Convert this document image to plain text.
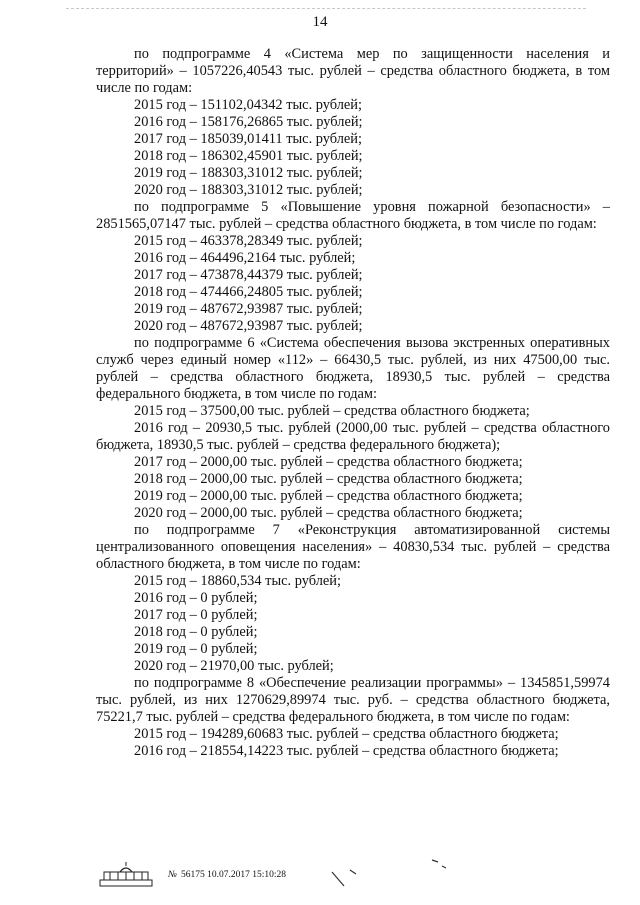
14

по подпрограмме 4 «Система мер по защищенности населения и территорий» – 1057226,40543 тыс. рублей – средства областного бюджета, в том числе по годам:

2015 год – 151102,04342 тыс. рублей;

2016 год – 158176,26865 тыс. рублей;

2017 год – 185039,01411 тыс. рублей;

2018 год – 186302,45901 тыс. рублей;

2019 год – 188303,31012 тыс. рублей;

2020 год – 188303,31012 тыс. рублей;

по подпрограмме 5 «Повышение уровня пожарной безопасности» – 2851565,07147 тыс. рублей – средства областного бюджета, в том числе по годам:

2015 год – 463378,28349 тыс. рублей;

2016 год – 464496,2164 тыс. рублей;

2017 год – 473878,44379 тыс. рублей;

2018 год – 474466,24805 тыс. рублей;

2019 год – 487672,93987 тыс. рублей;

2020 год – 487672,93987 тыс. рублей;

по подпрограмме 6 «Система обеспечения вызова экстренных оперативных служб через единый номер «112» – 66430,5 тыс. рублей, из них 47500,00 тыс. рублей – средства областного бюджета, 18930,5 тыс. рублей – средства федерального бюджета, в том числе по годам:

2015 год – 37500,00 тыс. рублей – средства областного бюджета;

2016 год – 20930,5 тыс. рублей (2000,00 тыс. рублей – средства областного бюджета, 18930,5 тыс. рублей – средства федерального бюджета);

2017 год – 2000,00 тыс. рублей – средства областного бюджета;

2018 год – 2000,00 тыс. рублей – средства областного бюджета;

2019 год – 2000,00 тыс. рублей – средства областного бюджета;

2020 год – 2000,00 тыс. рублей – средства областного бюджета;

по подпрограмме 7 «Реконструкция автоматизированной системы централизованного оповещения населения» – 40830,534 тыс. рублей – средства областного бюджета, в том числе по годам:

2015 год – 18860,534 тыс. рублей;

2016 год – 0 рублей;

2017 год – 0 рублей;

2018 год – 0 рублей;

2019 год – 0 рублей;

2020 год – 21970,00 тыс. рублей;

по подпрограмме 8 «Обеспечение реализации программы» – 1345851,59974 тыс. рублей, из них 1270629,89974 тыс. руб. – средства областного бюджета, 75221,7 тыс. рублей – средства федерального бюджета, в том числе по годам:

2015 год – 194289,60683 тыс. рублей – средства областного бюджета;

2016 год – 218554,14223 тыс. рублей – средства областного бюджета;

№ 56175 10.07.2017 15:10:28
